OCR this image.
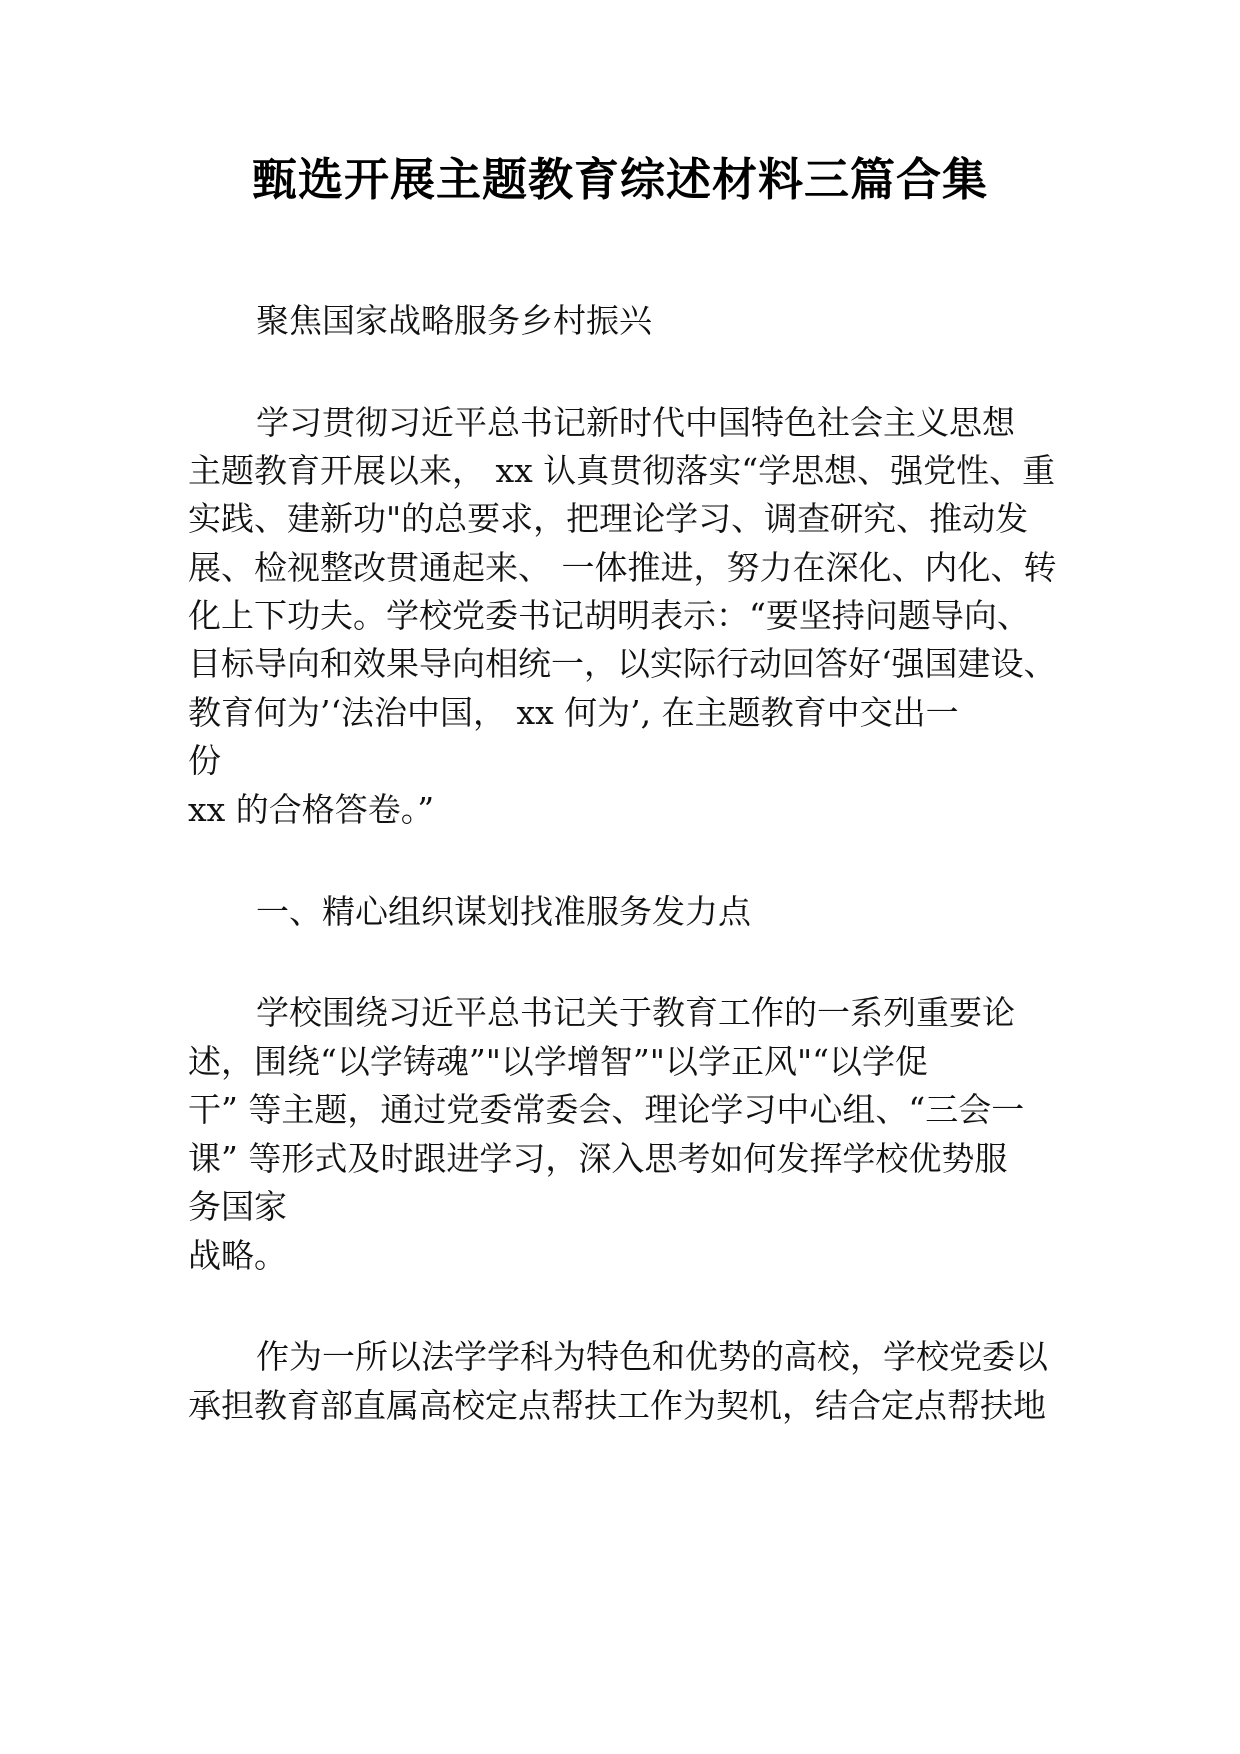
甄选开展主题教育综述材料三篇合集
聚焦国家战略服务乡村振兴
学习贯彻习近平总书记新时代中国特色社会主义思想
主题教育开展以来， xx 认真贯彻落实“学思想、强党性、重
实践、建新功"的总要求，把理论学习、调查研究、推动发
展、检视整改贯通起来、 一体推进，努力在深化、内化、转
化上下功夫。学校党委书记胡明表示：“要坚持问题导向、
目标导向和效果导向相统一，以实际行动回答好‘强国建设、
教育何为’‘法治中国， xx 何为’, 在主题教育中交出一
份
xx 的合格答卷。”
一、精心组织谋划找准服务发力点
学校围绕习近平总书记关于教育工作的一系列重要论
述，围绕“以学铸魂”"以学增智”"以学正风"“以学促
干” 等主题，通过党委常委会、理论学习中心组、“三会一
课” 等形式及时跟进学习，深入思考如何发挥学校优势服
务国家
战略。
作为一所以法学学科为特色和优势的高校，学校党委以
承担教育部直属高校定点帮扶工作为契机，结合定点帮扶地
